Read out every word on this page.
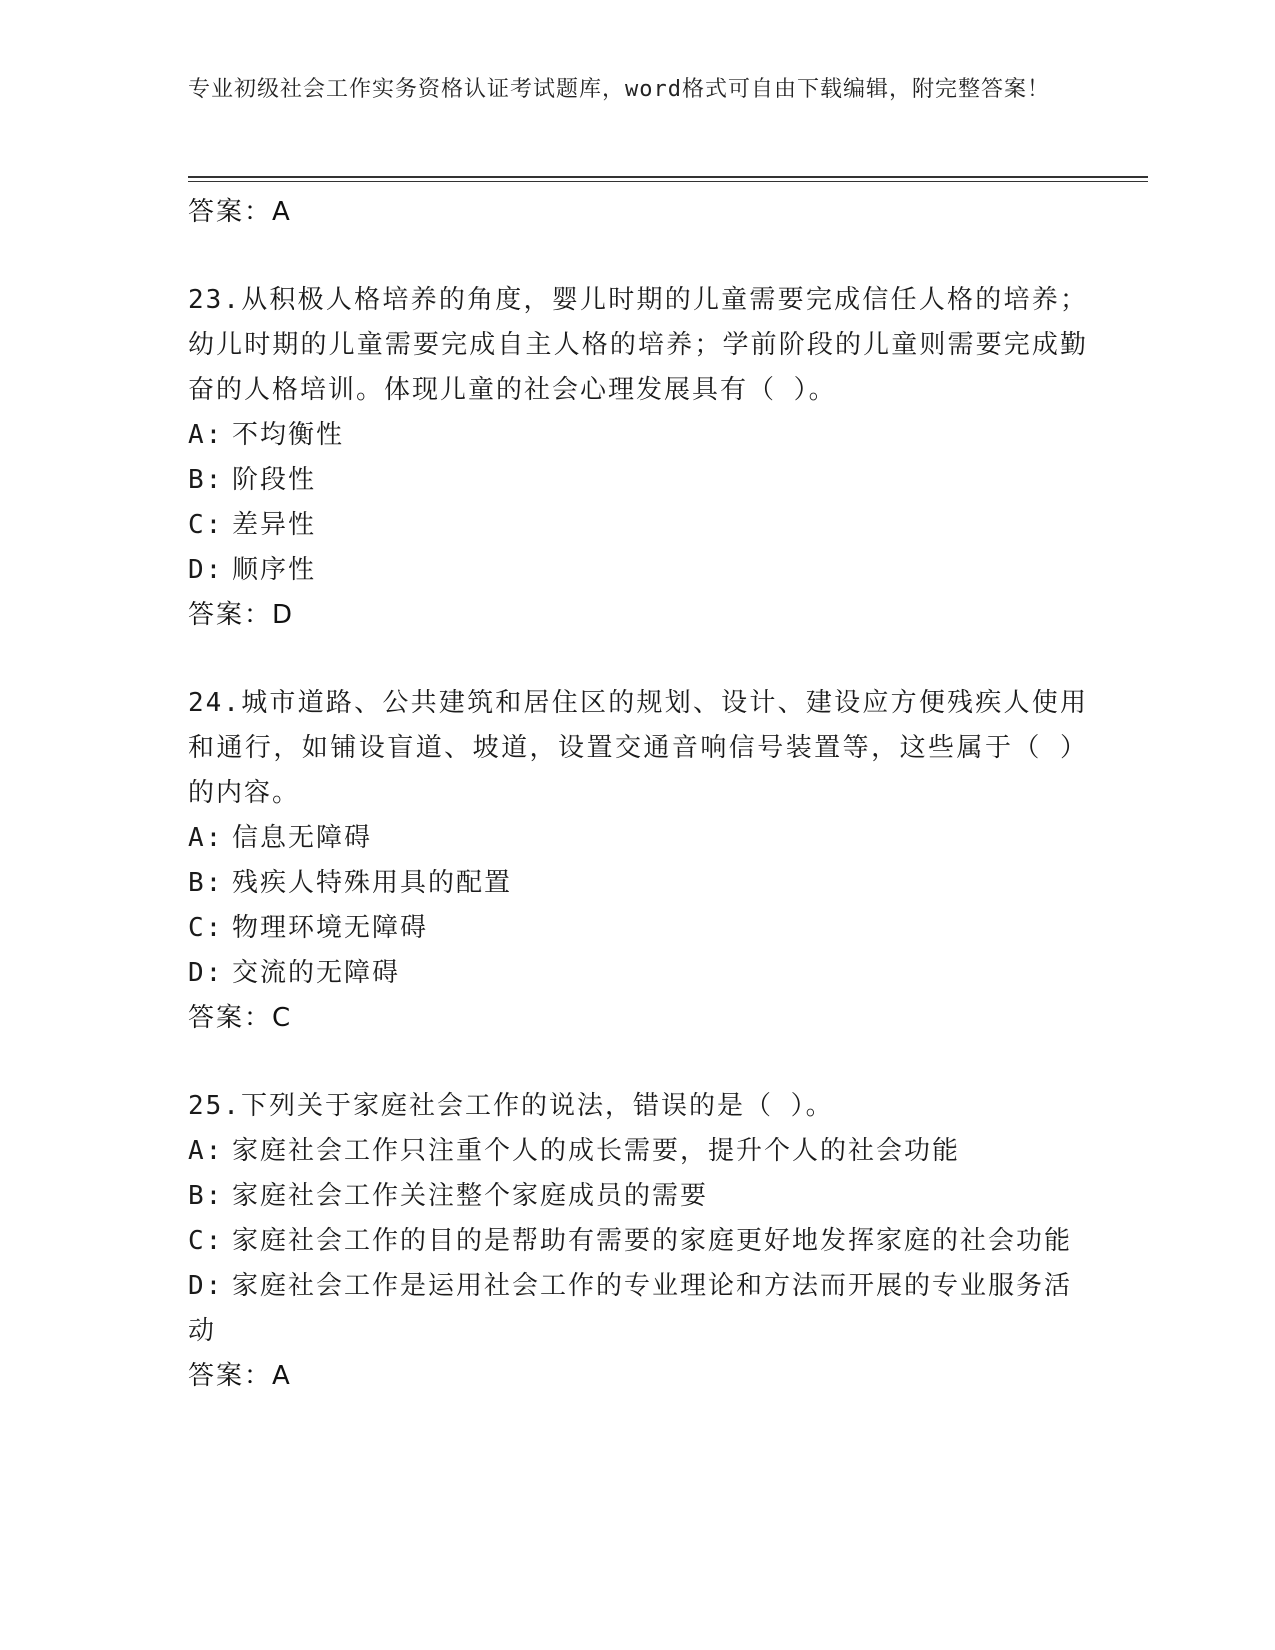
专业初级社会工作实务资格认证考试题库，word格式可自由下载编辑，附完整答案！
答案：A
23.从积极人格培养的角度，婴儿时期的儿童需要完成信任人格的培养；幼儿时期的儿童需要完成自主人格的培养；学前阶段的儿童则需要完成勤奋的人格培训。体现儿童的社会心理发展具有（ ）。
A: 不均衡性
B: 阶段性
C: 差异性
D: 顺序性
答案：D
24.城市道路、公共建筑和居住区的规划、设计、建设应方便残疾人使用和通行，如铺设盲道、坡道，设置交通音响信号装置等，这些属于（ ）的内容。
A: 信息无障碍
B: 残疾人特殊用具的配置
C: 物理环境无障碍
D: 交流的无障碍
答案：C
25.下列关于家庭社会工作的说法，错误的是（ ）。
A: 家庭社会工作只注重个人的成长需要，提升个人的社会功能
B: 家庭社会工作关注整个家庭成员的需要
C: 家庭社会工作的目的是帮助有需要的家庭更好地发挥家庭的社会功能
D: 家庭社会工作是运用社会工作的专业理论和方法而开展的专业服务活动
答案：A
